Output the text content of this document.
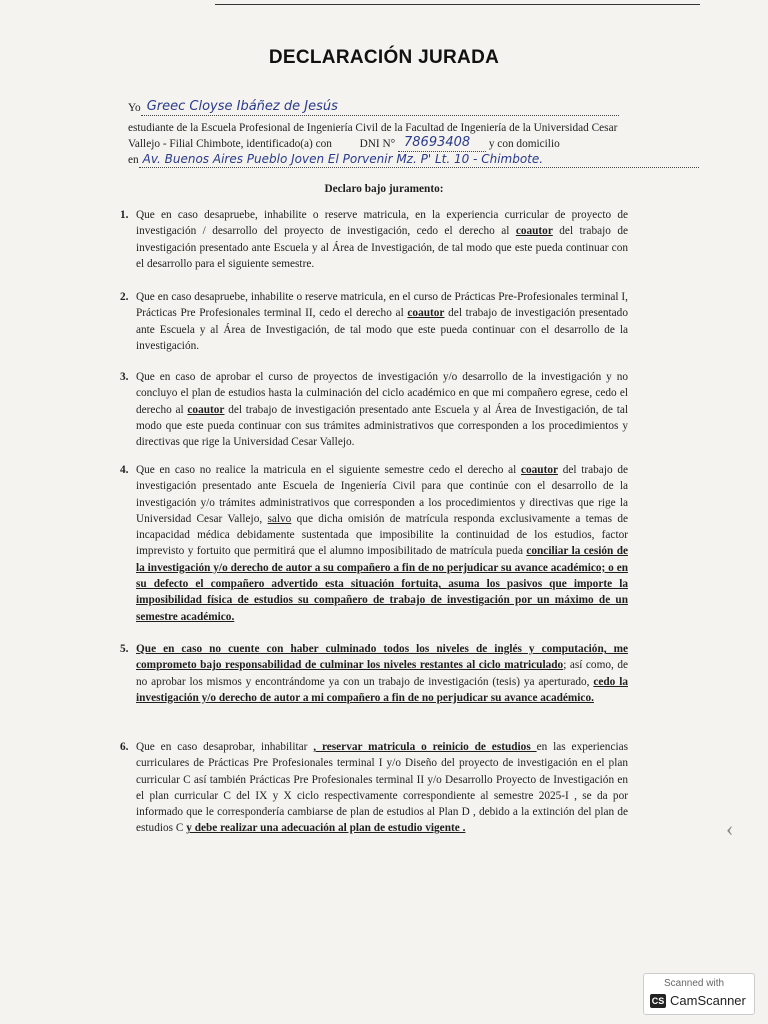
DECLARACIÓN JURADA
Yo Greec Cloyse Ibáñez de Jesús

estudiante de la Escuela Profesional de Ingeniería Civil de la Facultad de Ingeniería de la Universidad Cesar
Vallejo - Filial Chimbote, identificado(a) con DNI N° 78693408 y con domicilio
en Av. Buenos Aires Pueblo Joven El Porvenir Mz. P' Lt. 10 - Chimbote.

Declaro bajo juramento:
1. Que en caso desapruebe, inhabilite o reserve matricula, en la experiencia curricular de proyecto de investigación / desarrollo del proyecto de investigación, cedo el derecho al coautor del trabajo de investigación presentado ante Escuela y al Área de Investigación, de tal modo que este pueda continuar con el desarrollo para el siguiente semestre.
2. Que en caso desapruebe, inhabilite o reserve matricula, en el curso de Prácticas Pre-Profesionales terminal I, Prácticas Pre Profesionales terminal II, cedo el derecho al coautor del trabajo de investigación presentado ante Escuela y al Área de Investigación, de tal modo que este pueda continuar con el desarrollo de la investigación.
3. Que en caso de aprobar el curso de proyectos de investigación y/o desarrollo de la investigación y no concluyo el plan de estudios hasta la culminación del ciclo académico en que mi compañero egrese, cedo el derecho al coautor del trabajo de investigación presentado ante Escuela y al Área de Investigación, de tal modo que este pueda continuar con sus trámites administrativos que corresponden a los procedimientos y directivas que rige la Universidad Cesar Vallejo.
4. Que en caso no realice la matricula en el siguiente semestre cedo el derecho al coautor del trabajo de investigación presentado ante Escuela de Ingeniería Civil para que continúe con el desarrollo de la investigación y/o trámites administrativos que corresponden a los procedimientos y directivas que rige la Universidad Cesar Vallejo, salvo que dicha omisión de matrícula responda exclusivamente a temas de incapacidad médica debidamente sustentada que imposibilite la continuidad de los estudios, factor imprevisto y fortuito que permitirá que el alumno imposibilitado de matrícula pueda conciliar la cesión de la investigación y/o derecho de autor a su compañero a fin de no perjudicar su avance académico; o en su defecto el compañero advertido esta situación fortuita, asuma los pasivos que importe la imposibilidad física de estudios su compañero de trabajo de investigación por un máximo de un semestre académico.
5. Que en caso no cuente con haber culminado todos los niveles de inglés y computación, me comprometo bajo responsabilidad de culminar los niveles restantes al ciclo matriculado; así como, de no aprobar los mismos y encontrándome ya con un trabajo de investigación (tesis) ya aperturado, cedo la investigación y/o derecho de autor a mi compañero a fin de no perjudicar su avance académico.
6. Que en caso desaprobar, inhabilitar , reservar matricula o reinicio de estudios en las experiencias curriculares de Prácticas Pre Profesionales terminal I y/o Diseño del proyecto de investigación en el plan curricular C así también Prácticas Pre Profesionales terminal II y/o Desarrollo Proyecto de Investigación en el plan curricular C del IX y X ciclo respectivamente correspondiente al semestre 2025-I , se da por informado que le correspondería cambiarse de plan de estudios al Plan D , debido a la extinción del plan de estudios C y debe realizar una adecuación al plan de estudio vigente .	‹
Scanned with
CS CamScanner
